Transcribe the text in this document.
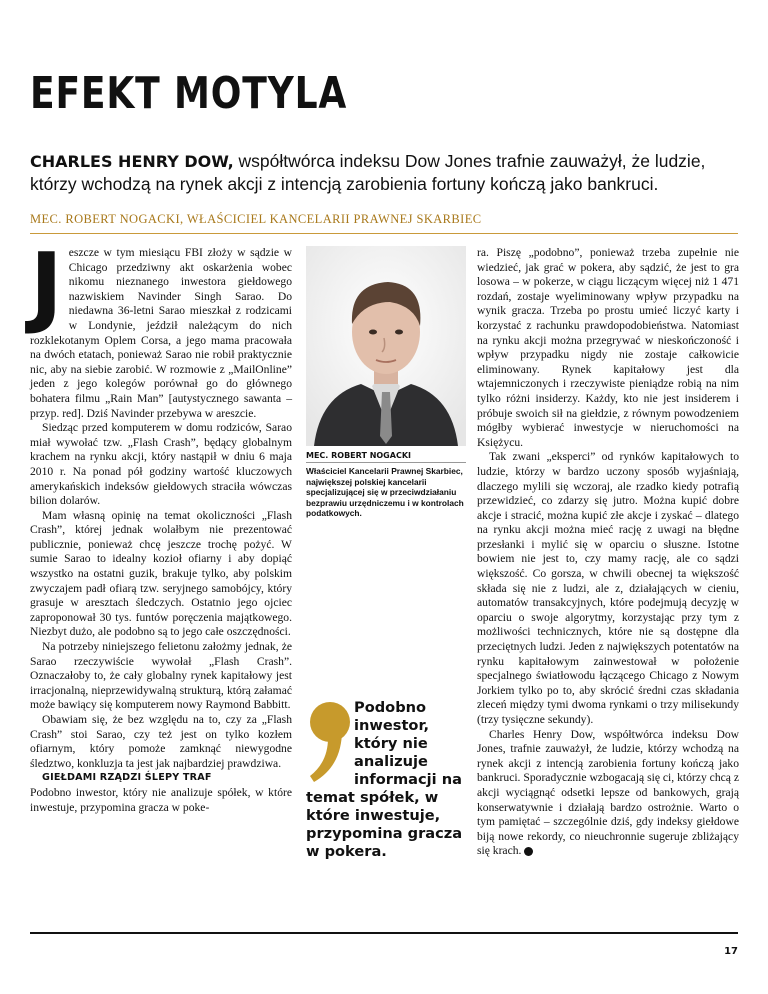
EFEKT MOTYLA

CHARLES HENRY DOW, współtwórca indeksu Dow Jones trafnie zauważył, że ludzie, którzy wchodzą na rynek akcji z intencją zarobienia fortuny kończą jako bankruci.

MEC. ROBERT NOGACKI, WŁAŚCICIEL KANCELARII PRAWNEJ SKARBIEC
J eszcze w tym miesiącu FBI złoży w sądzie w Chicago przedziwny akt oskarżenia wobec nikomu nieznanego inwestora giełdowego nazwiskiem Navinder Singh Sarao. Do niedawna 36-letni Sarao mieszkał z rodzicami w Londynie, jeździł należącym do nich rozklekotanym Oplem Corsa, a jego mama pracowała na dwóch etatach, ponieważ Sarao nie robił praktycznie nic, aby na siebie zarobić. W rozmowie z „MailOnline” jeden z jego kolegów porównał go do głównego bohatera filmu „Rain Man” [autystycznego sawanta – przyp. red]. Dziś Navinder przebywa w areszcie.

Siedząc przed komputerem w domu rodziców, Sarao miał wywołać tzw. „Flash Crash”, będący globalnym krachem na rynku akcji, który nastąpił w dniu 6 maja 2010 r. Na ponad pół godziny wartość kluczowych amerykańskich indeksów giełdowych straciła wówczas bilion dolarów.

Mam własną opinię na temat okoliczności „Flash Crash”, której jednak wolałbym nie prezentować publicznie, ponieważ chcę jeszcze trochę pożyć. W sumie Sarao to idealny kozioł ofiarny i aby dopiąć wszystko na ostatni guzik, brakuje tylko, aby polskim zwyczajem padł ofiarą tzw. seryjnego samobójcy, który grasuje w aresztach śledczych. Ostatnio jego ojciec zaproponował 30 tys. funtów poręczenia majątkowego. Niezbyt dużo, ale podobno są to jego całe oszczędności.

Na potrzeby niniejszego felietonu założmy jednak, że Sarao rzeczywiście wywołał „Flash Crash”. Oznaczałoby to, że cały globalny rynek kapitałowy jest irracjonalną, nieprzewidywalną strukturą, którą załamać może bawiący się komputerem nowy Raymond Babbitt.

Obawiam się, że bez względu na to, czy za „Flash Crash” stoi Sarao, czy też jest on tylko kozłem ofiarnym, który pomoże zamknąć niewygodne śledztwo, konkluzja ta jest jak najbardziej prawdziwa.

GIEŁDAMI RZĄDZI ŚLEPY TRAF

Podobno inwestor, który nie analizuje spółek, w które inwestuje, przypomina gracza w poke-

MEC. ROBERT NOGACKI
Właściciel Kancelarii Prawnej Skarbiec, największej polskiej kancelarii specjalizującej się w przeciwdziałaniu bezprawiu urzędniczemu i w kontrolach podatkowych.

Podobno inwestor, który nie analizuje informacji na temat spółek, w które inwestuje, przypomina gracza w pokera.

ra. Piszę „podobno”, ponieważ trzeba zupełnie nie wiedzieć, jak grać w pokera, aby sądzić, że jest to gra losowa – w pokerze, w ciągu liczącym więcej niż 1 471 rozdań, zostaje wyeliminowany wpływ przypadku na wynik gracza. Trzeba po prostu umieć liczyć karty i korzystać z rachunku prawdopodobieństwa. Natomiast na rynku akcji można przegrywać w nieskończoność i wpływ przypadku nigdy nie zostaje całkowicie eliminowany. Rynek kapitałowy jest dla wtajemniczonych i rzeczywiste pieniądze robią na nim tylko różni insiderzy. Każdy, kto nie jest insiderem i próbuje swoich sił na giełdzie, z równym powodzeniem mógłby wybierać inwestycje w nieruchomości na Księżycu.

Tak zwani „eksperci” od rynków kapitałowych to ludzie, którzy w bardzo uczony sposób wyjaśniają, dlaczego mylili się wczoraj, ale rzadko kiedy potrafią przewidzieć, co zdarzy się jutro. Można kupić dobre akcje i stracić, można kupić złe akcje i zyskać – dlatego na rynku akcji można mieć rację z uwagi na błędne przesłanki i mylić się w oparciu o słuszne. Istotne bowiem nie jest to, czy mamy rację, ale co sądzi większość. Co gorsza, w chwili obecnej ta większość składa się nie z ludzi, ale z, działających w cieniu, automatów transakcyjnych, które podejmują decyzję w oparciu o swoje algorytmy, korzystając przy tym z możliwości technicznych, które nie są dostępne dla przeciętnych ludzi. Jeden z największych potentatów na rynku kapitałowym zainwestował w położenie specjalnego światłowodu łączącego Chicago z Nowym Jorkiem tylko po to, aby skrócić średni czas składania zleceń między tymi dwoma rynkami o trzy milisekundy (trzy tysięczne sekundy).

Charles Henry Dow, współtwórca indeksu Dow Jones, trafnie zauważył, że ludzie, którzy wchodzą na rynek akcji z intencją zarobienia fortuny kończą jako bankruci. Sporadycznie wzbogacają się ci, którzy chcą z akcji wyciągnąć odsetki lepsze od bankowych, grają konserwatywnie i działają bardzo ostrożnie. Warto o tym pamiętać – szczególnie dziś, gdy indeksy giełdowe biją nowe rekordy, co nieuchronnie sugeruje zbliżający się krach.

17
